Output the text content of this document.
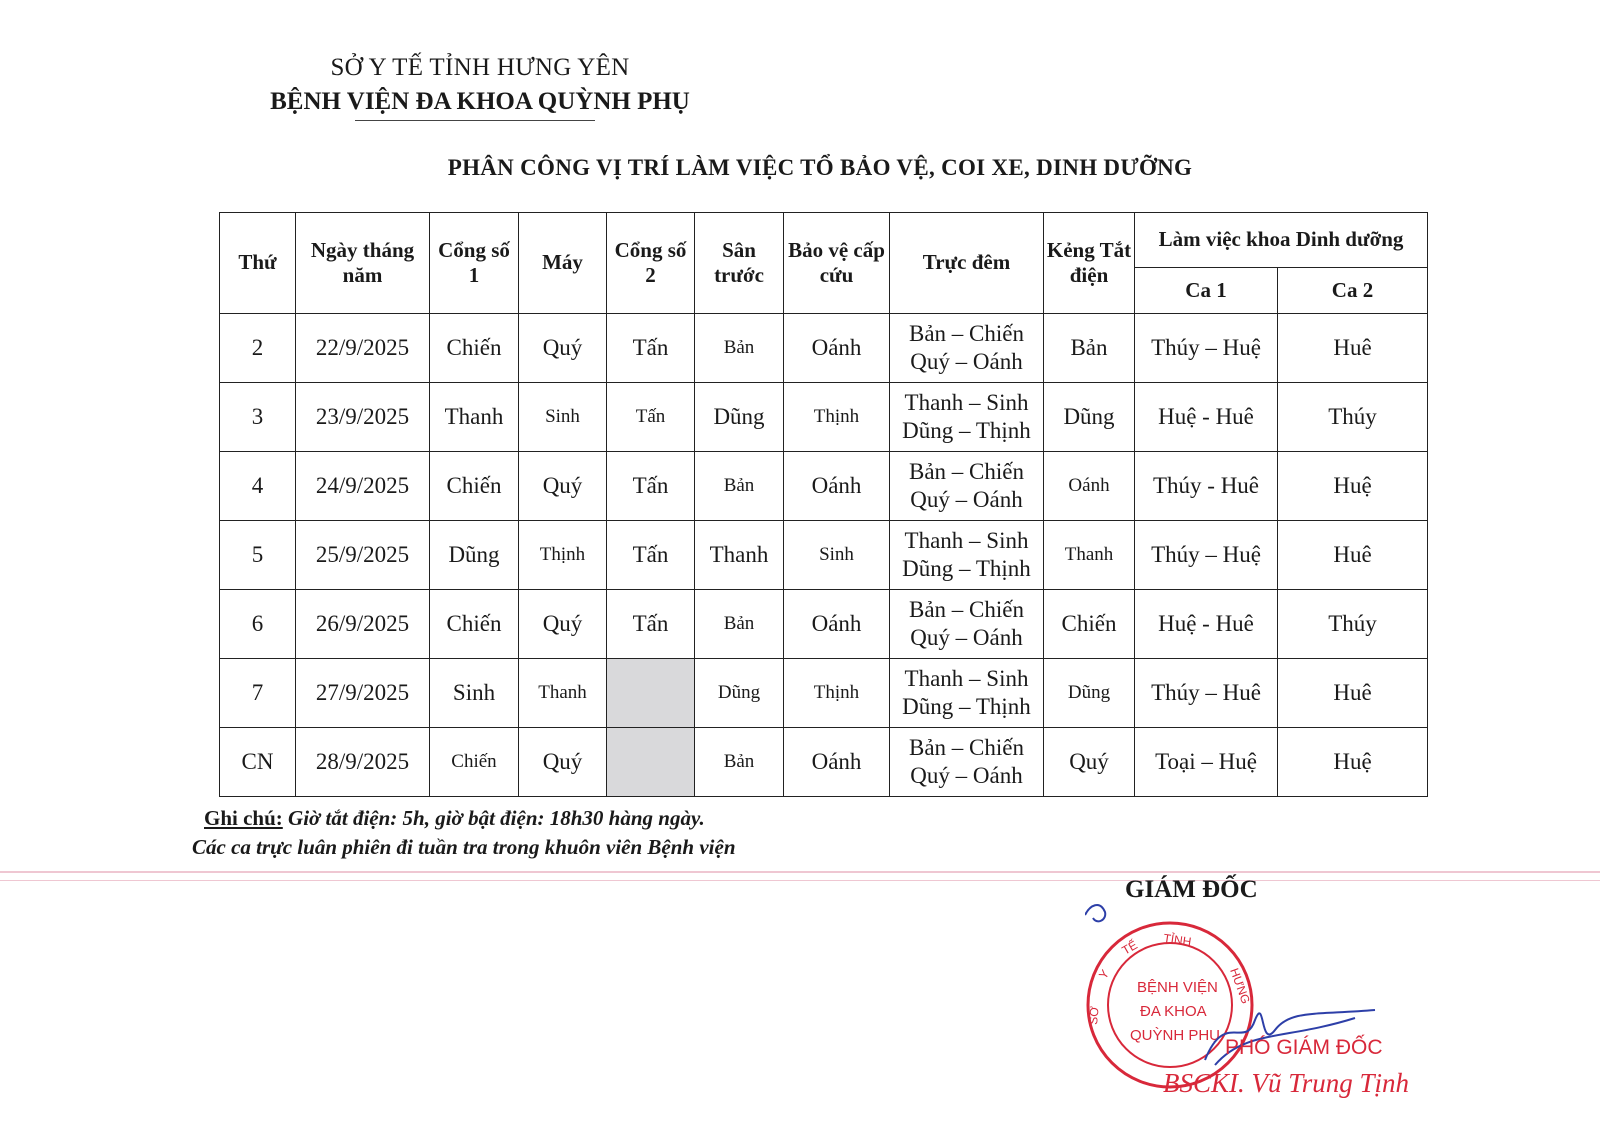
SỞ Y TẾ TỈNH HƯNG YÊN
BỆNH VIỆN ĐA KHOA QUỲNH PHỤ
PHÂN CÔNG VỊ TRÍ LÀM VIỆC TỔ BẢO VỆ, COI XE, DINH DƯỠNG
Thứ	Ngày tháng năm	Cổng số 1	Máy	Cổng số 2	Sân trước	Bảo vệ cấp cứu	Trực đêm	Kẻng Tắt điện	Làm việc khoa Dinh dưỡng	
									Ca 1	Ca 2
2	22/9/2025	Chiến	Quý	Tấn	Bản	Oánh	Bản – Chiến
Quý – Oánh	Bản	Thúy – Huệ	Huê
3	23/9/2025	Thanh	Sinh	Tấn	Dũng	Thịnh	Thanh – Sinh
Dũng – Thịnh	Dũng	Huệ - Huê	Thúy
4	24/9/2025	Chiến	Quý	Tấn	Bản	Oánh	Bản – Chiến
Quý – Oánh	Oánh	Thúy - Huê	Huệ
5	25/9/2025	Dũng	Thịnh	Tấn	Thanh	Sinh	Thanh – Sinh
Dũng – Thịnh	Thanh	Thúy – Huệ	Huê
6	26/9/2025	Chiến	Quý	Tấn	Bản	Oánh	Bản – Chiến
Quý – Oánh	Chiến	Huệ - Huê	Thúy
7	27/9/2025	Sinh	Thanh		Dũng	Thịnh	Thanh – Sinh
Dũng – Thịnh	Dũng	Thúy – Huê	Huê
CN	28/9/2025	Chiến	Quý		Bản	Oánh	Bản – Chiến
Quý – Oánh	Quý	Toại – Huệ	Huệ
Ghi chú: Giờ tắt điện: 5h, giờ bật điện: 18h30 hàng ngày.
Các ca trực luân phiên đi tuần tra trong khuôn viên Bệnh viện
TỈNH
TẾ
Y
SỞ
HƯNG
BỆNH VIỆN
ĐA KHOA
QUỲNH PHỤ
GIÁM ĐỐC
PHÓ GIÁM ĐỐC
BSCKI. Vũ Trung Tịnh
